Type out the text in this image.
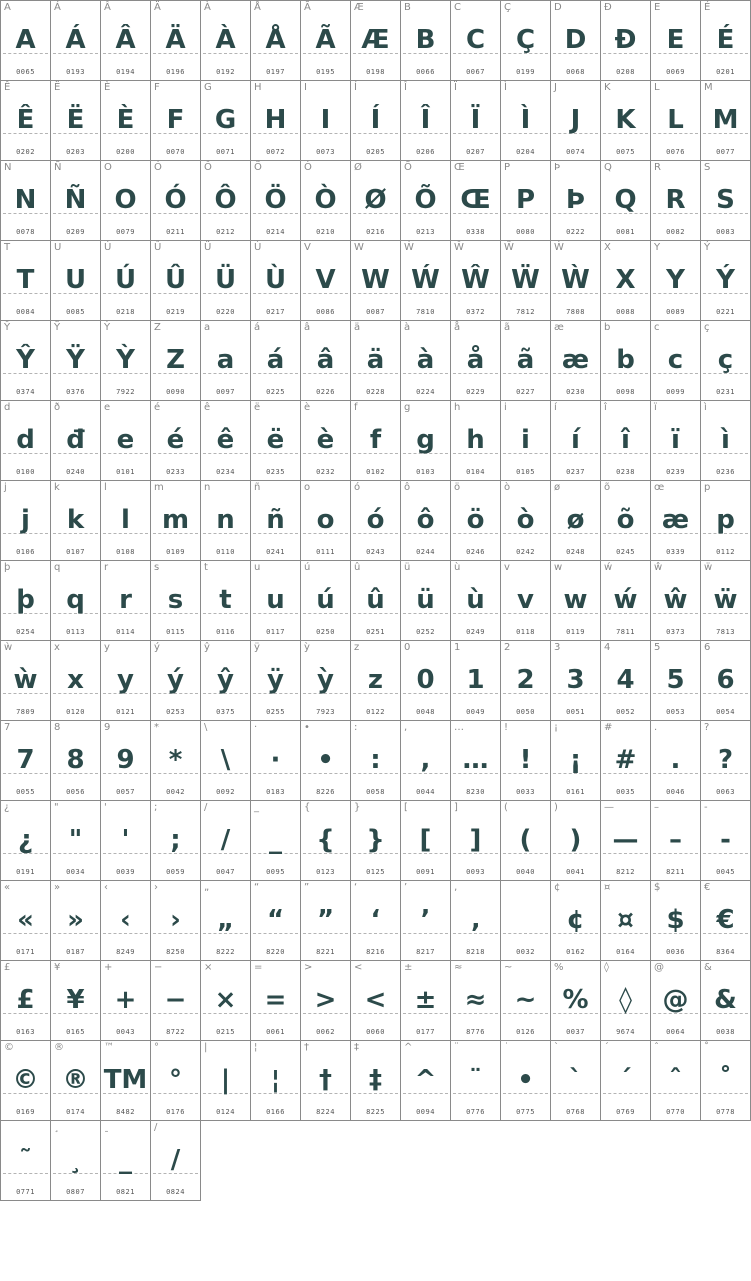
A
A
0065
Á
Á
0193
Â
Â
0194
Ä
Ä
0196
À
À
0192
Å
Å
0197
Ã
Ã
0195
Æ
Æ
0198
B
B
0066
C
C
0067
Ç
Ç
0199
D
D
0068
Đ
Đ
0208
E
E
0069
É
É
0201
Ê
Ê
0202
Ë
Ë
0203
È
È
0200
F
F
0070
G
G
0071
H
H
0072
I
I
0073
Í
Í
0205
Î
Î
0206
Ï
Ï
0207
Ì
Ì
0204
J
J
0074
K
K
0075
L
L
0076
M
M
0077
N
N
0078
Ñ
Ñ
0209
O
O
0079
Ó
Ó
0211
Ô
Ô
0212
Ö
Ö
0214
Ò
Ò
0210
Ø
Ø
0216
Õ
Õ
0213
Œ
Œ
0338
P
P
0080
Þ
Þ
0222
Q
Q
0081
R
R
0082
S
S
0083
T
T
0084
U
U
0085
Ú
Ú
0218
Û
Û
0219
Ü
Ü
0220
Ù
Ù
0217
V
V
0086
W
W
0087
Ẃ
Ẃ
7810
Ŵ
Ŵ
0372
Ẅ
Ẅ
7812
Ẁ
Ẁ
7808
X
X
0088
Y
Y
0089
Ý
Ý
0221
Ŷ
Ŷ
0374
Ÿ
Ÿ
0376
Ỳ
Ỳ
7922
Z
Z
0090
a
a
0097
á
á
0225
â
â
0226
ä
ä
0228
à
à
0224
å
å
0229
ã
ã
0227
æ
æ
0230
b
b
0098
c
c
0099
ç
ç
0231
d
d
0100
ð
đ
0240
e
e
0101
é
é
0233
ê
ê
0234
ë
ë
0235
è
è
0232
f
f
0102
g
g
0103
h
h
0104
i
i
0105
í
í
0237
î
î
0238
ï
ï
0239
ì
ì
0236
j
j
0106
k
k
0107
l
l
0108
m
m
0109
n
n
0110
ñ
ñ
0241
o
o
0111
ó
ó
0243
ô
ô
0244
ö
ö
0246
ò
ò
0242
ø
ø
0248
õ
õ
0245
œ
æ
0339
p
p
0112
þ
þ
0254
q
q
0113
r
r
0114
s
s
0115
t
t
0116
u
u
0117
ú
ú
0250
û
û
0251
ü
ü
0252
ù
ù
0249
v
v
0118
w
w
0119
ẃ
ẃ
7811
ŵ
ŵ
0373
ẅ
ẅ
7813
ẁ
ẁ
7809
x
x
0120
y
y
0121
ý
ý
0253
ŷ
ŷ
0375
ÿ
ÿ
0255
ỳ
ỳ
7923
z
z
0122
0
0
0048
1
1
0049
2
2
0050
3
3
0051
4
4
0052
5
5
0053
6
6
0054
7
7
0055
8
8
0056
9
9
0057
*
*
0042
\
\
0092
·
·
0183
•
•
8226
:
:
0058
,
,
0044
…
…
8230
!
!
0033
¡
¡
0161
#
#
0035
.
.
0046
?
?
0063
¿
¿
0191
"
"
0034
'
'
0039
;
;
0059
/
/
0047
_
_
0095
{
{
0123
}
}
0125
[
[
0091
]
]
0093
(
(
0040
)
)
0041
—
—
8212
–
–
8211
-
-
0045
«
«
0171
»
»
0187
‹
‹
8249
›
›
8250
„
„
8222
“
“
8220
”
”
8221
‘
‘
8216
’
’
8217
‚
‚
8218	0032
¢
¢
0162
¤
¤
0164
$
$
0036
€
€
8364
£
£
0163
¥
¥
0165
+
+
0043
−
−
8722
×
×
0215
=
=
0061
>
>
0062
<
<
0060
±
±
0177
≈
≈
8776
~
~
0126
%
%
0037
◊
◊
9674
@
@
0064
&
&
0038
©
©
0169
®
®
0174
™
TM
8482
°
°
0176
|
|
0124
¦
¦
0166
†
†
8224
‡
‡
8225
^
^
0094
¨
¨
0776
˙
•
0775
`
`
0768
´
´
0769
ˆ
ˆ
0770
˚
˚
0778
˜
0771
¸
¸
0807
ˍ
_
0821
/
/
0824
